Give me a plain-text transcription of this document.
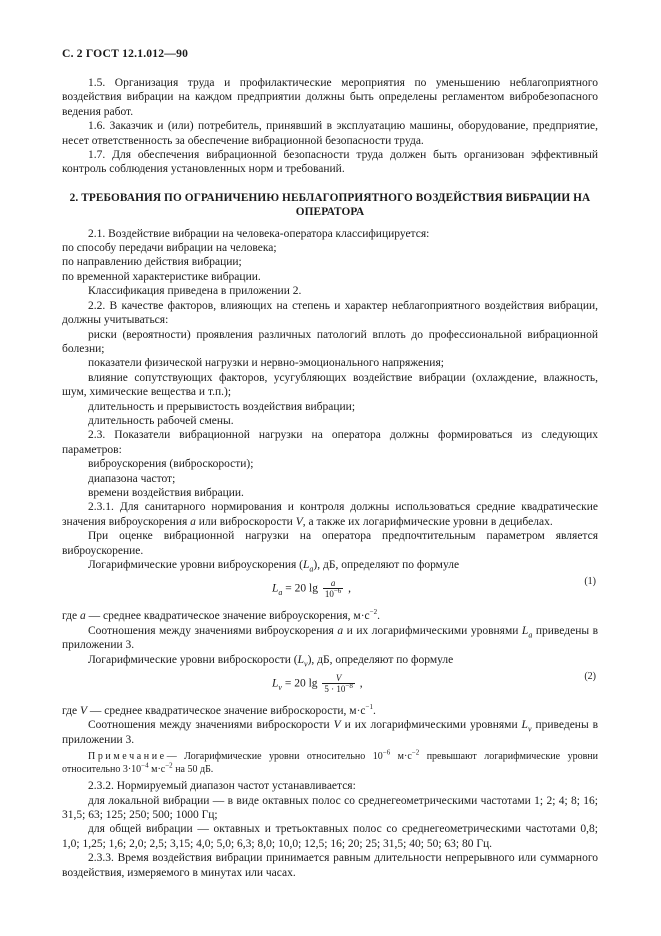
С. 2 ГОСТ 12.1.012—90

1.5. Организация труда и профилактические мероприятия по уменьшению неблагоприятного воздействия вибрации на каждом предприятии должны быть определены регламентом вибробезопасного ведения работ.

1.6. Заказчик и (или) потребитель, принявший в эксплуатацию машины, оборудование, предприятие, несет ответственность за обеспечение вибрационной безопасности труда.

1.7. Для обеспечения вибрационной безопасности труда должен быть организован эффективный контроль соблюдения установленных норм и требований.

2. ТРЕБОВАНИЯ ПО ОГРАНИЧЕНИЮ НЕБЛАГОПРИЯТНОГО ВОЗДЕЙСТВИЯ ВИБРАЦИИ НА ОПЕРАТОРА

2.1. Воздействие вибрации на человека-оператора классифицируется:

по способу передачи вибрации на человека;

по направлению действия вибрации;

по временной характеристике вибрации.

Классификация приведена в приложении 2.

2.2. В качестве факторов, влияющих на степень и характер неблагоприятного воздействия вибрации, должны учитываться:

риски (вероятности) проявления различных патологий вплоть до профессиональной вибрационной болезни;

показатели физической нагрузки и нервно-эмоционального напряжения;

влияние сопутствующих факторов, усугубляющих воздействие вибрации (охлаждение, влажность, шум, химические вещества и т.п.);

длительность и прерывистость воздействия вибрации;

длительность рабочей смены.

2.3. Показатели вибрационной нагрузки на оператора должны формироваться из следующих параметров:

виброускорения (виброскорости);

диапазона частот;

времени воздействия вибрации.

2.3.1. Для санитарного нормирования и контроля должны использоваться средние квадратические значения виброускорения a или виброскорости V, а также их логарифмические уровни в децибелах.

При оценке вибрационной нагрузки на оператора предпочтительным параметром является виброускорение.

Логарифмические уровни виброускорения $(L_a)$, дБ, определяют по формуле

$L_a = 20$ $\lg \frac{a}{10^{-6}}$ ,
(1)

где a — среднее квадратическое значение виброускорения, $м\cdot с^{-2}$.

Соотношения между значениями виброускорения a и их логарифмическими уровнями $L_a$ приведены в приложении 3.

Логарифмические уровни виброскорости $(L_v)$, дБ, определяют по формуле

$L_v = 20$ $\lg \frac{V}{5 \cdot 10^{-8}}$ ,
(2)

где V — среднее квадратическое значение виброскорости, $м\cdot с^{-1}$.

Соотношения между значениями виброскорости V и их логарифмическими уровнями $L_v$ приведены в приложении 3.

Примечание— Логарифмические уровни относительно $10^{-6}$ $м\cdot с^{-2}$ превышают логарифмические уровни относительно $3\cdot 10^{-4}$ $м\cdot с^{-2}$ на 50 дБ.

2.3.2. Нормируемый диапазон частот устанавливается:

для локальной вибрации — в виде октавных полос со среднегеометрическими частотами 1; 2; 4; 8; 16; 31,5; 63; 125; 250; 500; 1000 Гц;

для общей вибрации — октавных и третьоктавных полос со среднегеометрическими частотами 0,8; 1,0; 1,25; 1,6; 2,0; 2,5; 3,15; 4,0; 5,0; 6,3; 8,0; 10,0; 12,5; 16; 20; 25; 31,5; 40; 50; 63; 80 Гц.

2.3.3. Время воздействия вибрации принимается равным длительности непрерывного или суммарного воздействия, измеряемого в минутах или часах.
